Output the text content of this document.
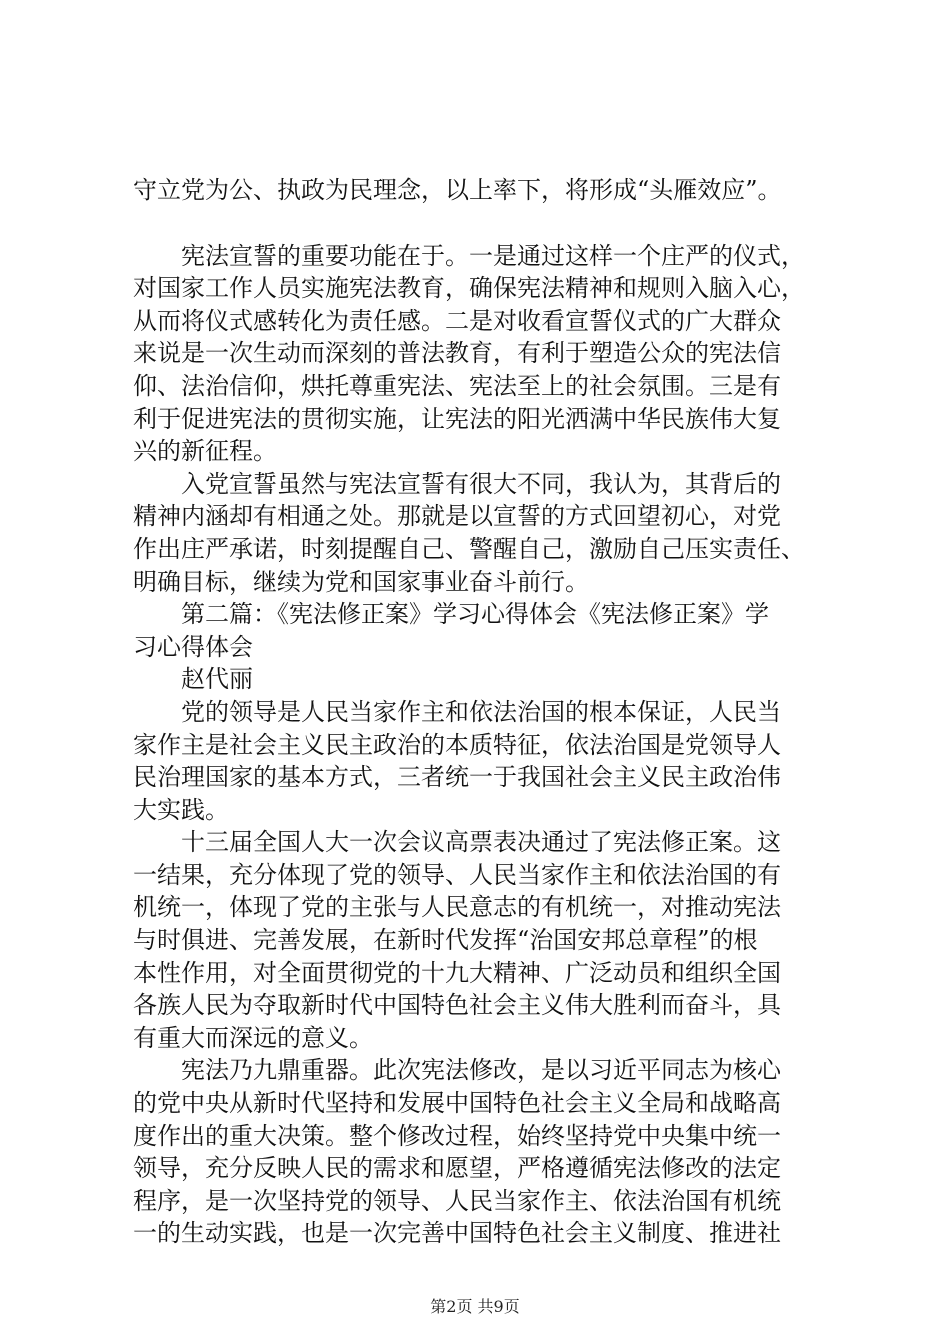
守立党为公、执政为民理念，以上率下，将形成“头雁效应”。
宪法宣誓的重要功能在于。一是通过这样一个庄严的仪式，
对国家工作人员实施宪法教育，确保宪法精神和规则入脑入心，
从而将仪式感转化为责任感。二是对收看宣誓仪式的广大群众
来说是一次生动而深刻的普法教育，有利于塑造公众的宪法信
仰、法治信仰，烘托尊重宪法、宪法至上的社会氛围。三是有
利于促进宪法的贯彻实施，让宪法的阳光洒满中华民族伟大复
兴的新征程。
入党宣誓虽然与宪法宣誓有很大不同，我认为，其背后的
精神内涵却有相通之处。那就是以宣誓的方式回望初心，对党
作出庄严承诺，时刻提醒自己、警醒自己，激励自己压实责任、
明确目标，继续为党和国家事业奋斗前行。
第二篇：《宪法修正案》学习心得体会《宪法修正案》学
习心得体会
赵代丽
党的领导是人民当家作主和依法治国的根本保证，人民当
家作主是社会主义民主政治的本质特征，依法治国是党领导人
民治理国家的基本方式，三者统一于我国社会主义民主政治伟
大实践。
十三届全国人大一次会议高票表决通过了宪法修正案。这
一结果，充分体现了党的领导、人民当家作主和依法治国的有
机统一，体现了党的主张与人民意志的有机统一，对推动宪法
与时俱进、完善发展，在新时代发挥“治国安邦总章程”的根
本性作用，对全面贯彻党的十九大精神、广泛动员和组织全国
各族人民为夺取新时代中国特色社会主义伟大胜利而奋斗，具
有重大而深远的意义。
宪法乃九鼎重器。此次宪法修改，是以习近平同志为核心
的党中央从新时代坚持和发展中国特色社会主义全局和战略高
度作出的重大决策。整个修改过程，始终坚持党中央集中统一
领导，充分反映人民的需求和愿望，严格遵循宪法修改的法定
程序，是一次坚持党的领导、人民当家作主、依法治国有机统
一的生动实践，也是一次完善中国特色社会主义制度、推进社
第2页 共9页
